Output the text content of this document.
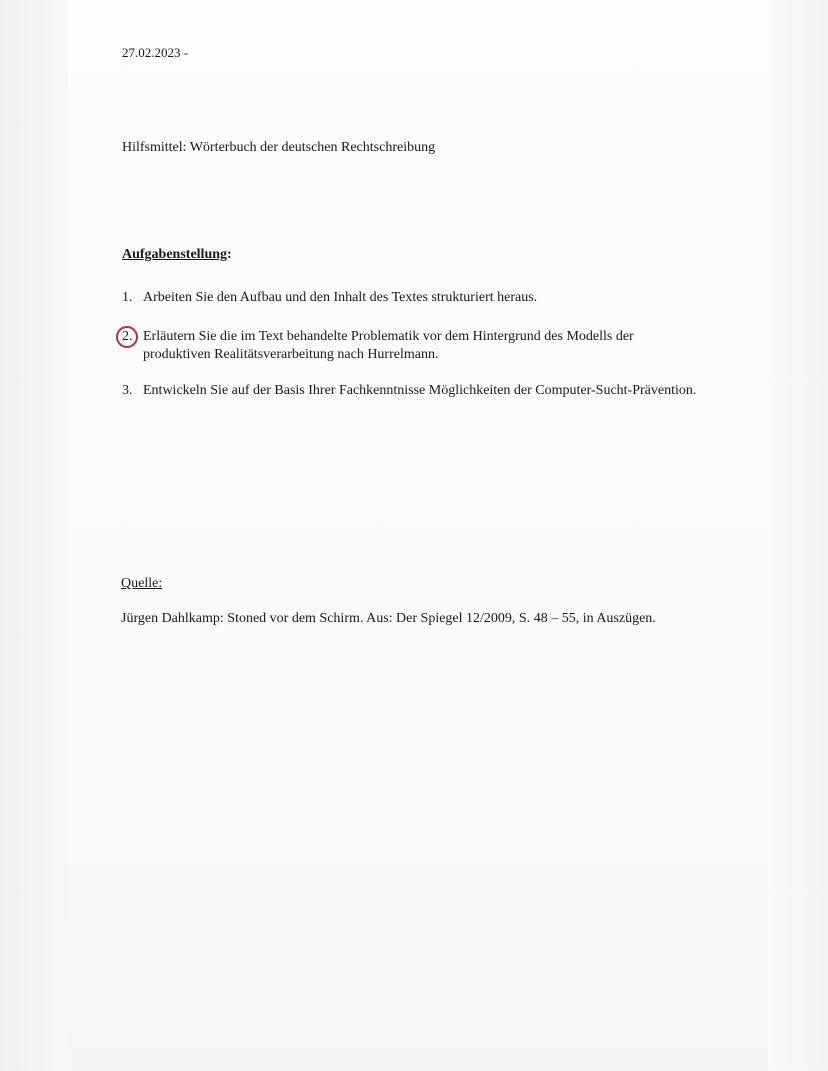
27.02.2023 -
Hilfsmittel: Wörterbuch der deutschen Rechtschreibung
Aufgabenstellung:
1. Arbeiten Sie den Aufbau und den Inhalt des Textes strukturiert heraus.
2. Erläutern Sie die im Text behandelte Problematik vor dem Hintergrund des Modells der
produktiven Realitätsverarbeitung nach Hurrelmann.
3. Entwickeln Sie auf der Basis Ihrer Fachkenntnisse Möglichkeiten der Computer-Sucht-Prävention.
Quelle:
Jürgen Dahlkamp: Stoned vor dem Schirm. Aus: Der Spiegel 12/2009, S. 48 – 55, in Auszügen.
